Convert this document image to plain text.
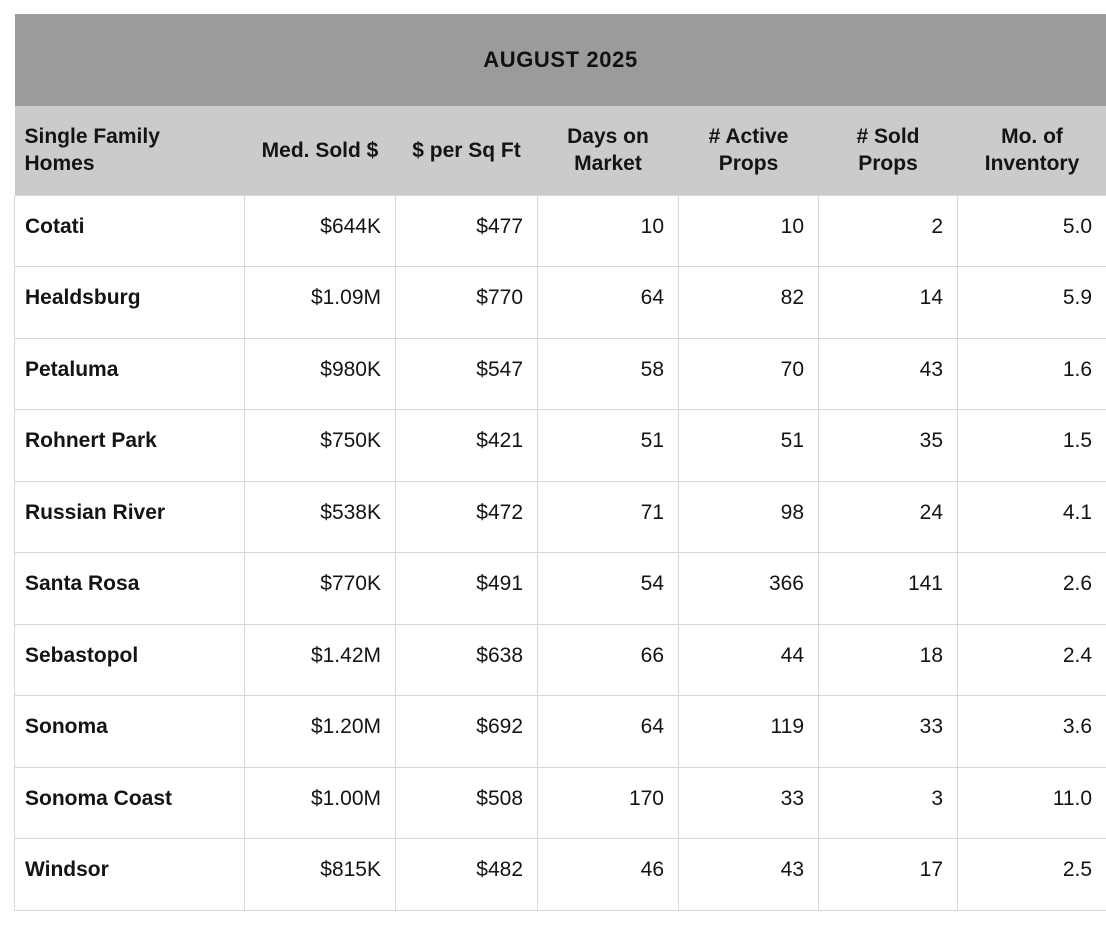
AUGUST 2025						
Single Family Homes	Med. Sold $	$ per Sq Ft	Days on Market	# Active Props	# Sold Props	Mo. of Inventory
Cotati	$644K	$477	10	10	2	5.0
Healdsburg	$1.09M	$770	64	82	14	5.9
Petaluma	$980K	$547	58	70	43	1.6
Rohnert Park	$750K	$421	51	51	35	1.5
Russian River	$538K	$472	71	98	24	4.1
Santa Rosa	$770K	$491	54	366	141	2.6
Sebastopol	$1.42M	$638	66	44	18	2.4
Sonoma	$1.20M	$692	64	119	33	3.6
Sonoma Coast	$1.00M	$508	170	33	3	11.0
Windsor	$815K	$482	46	43	17	2.5
